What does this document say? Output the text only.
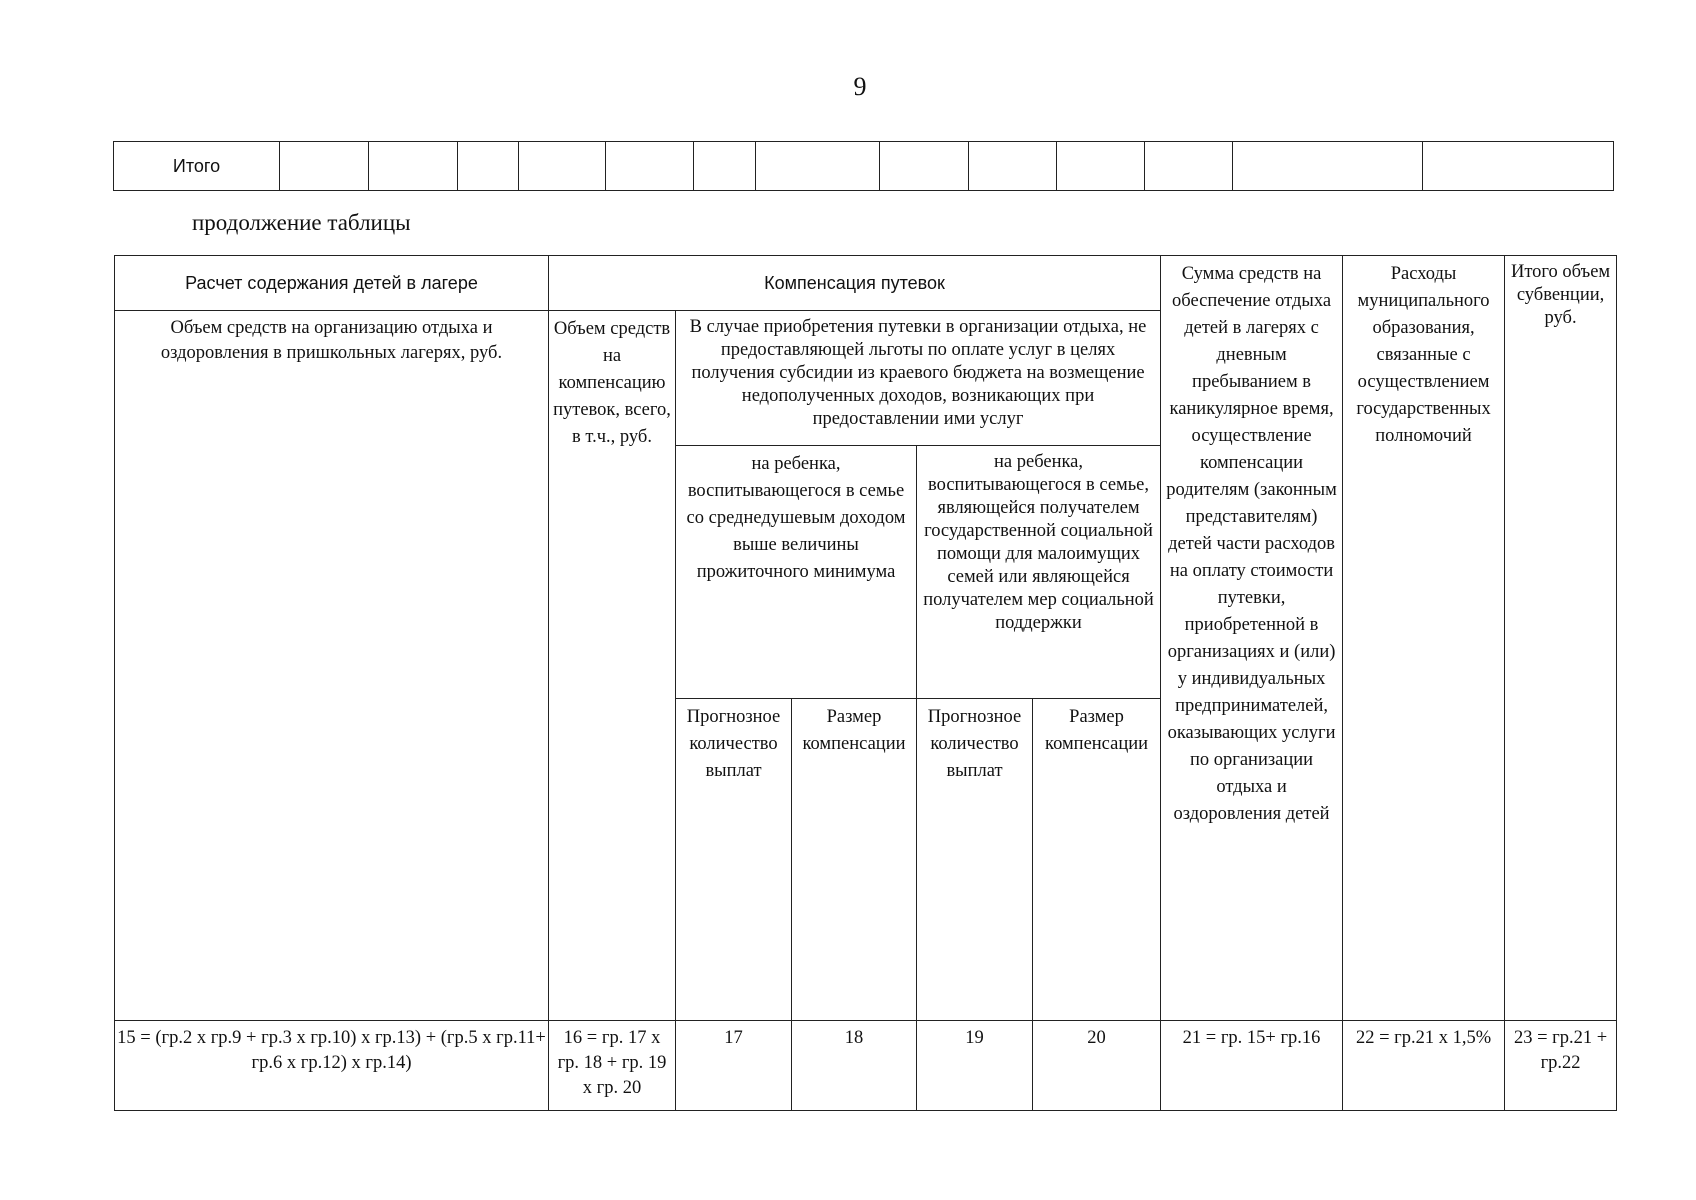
9
Итого													
продолжение таблицы
Расчет содержания детей в лагере	Компенсация путевок					Сумма средств на обеспечение отдыха детей в лагерях с дневным пребыванием в каникулярное время, осуществление компенсации родителям (законным представителям) детей части расходов на оплату стоимости путевки, приобретенной в организациях и (или) у индивидуальных предпринимателей, оказывающих услуги по организации отдыха и оздоровления детей	Расходы муниципального образования, связанные с осуществлением государственных полномочий	Итого объем субвенции, руб.
Объем средств на организацию отдыха и оздоровления в пришкольных лагерях, руб.	Объем средств на компенсацию путевок, всего, в т.ч., руб.	В случае приобретения путевки в организации отдыха, не предоставляющей льготы по оплате услуг в целях получения субсидии из краевого бюджета на возмещение недополученных доходов, возникающих при предоставлении ими услуг						
		на ребенка, воспитывающегося в семье со среднедушевым доходом выше величины прожиточного минимума		на ребенка, воспитывающегося в семье, являющейся получателем государственной социальной помощи для малоимущих семей или являющейся получателем мер социальной поддержки				
		Прогнозное количество выплат	Размер компенсации	Прогнозное количество выплат	Размер компенсации			
15 = (гр.2 х гр.9 + гр.3 х гр.10) х гр.13) + (гр.5 х гр.11+ гр.6 х гр.12) х гр.14)	16 = гр. 17 х гр. 18 + гр. 19 х гр. 20	17	18	19	20	21 = гр. 15+ гр.16	22 = гр.21 х 1,5%	23 = гр.21 + гр.22
